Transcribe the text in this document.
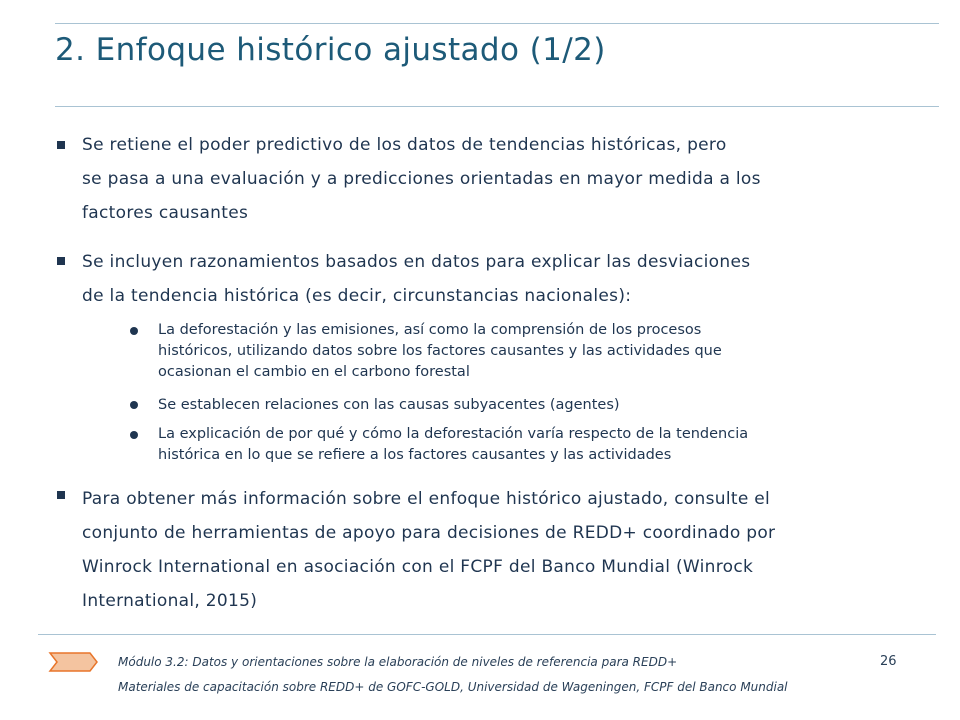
2. Enfoque histórico ajustado (1/2)

Se retiene el poder predictivo de los datos de tendencias históricas, pero

se pasa a una evaluación y a predicciones orientadas en mayor medida a los

factores causantes

Se incluyen razonamientos basados en datos para explicar las desviaciones

de la tendencia histórica (es decir, circunstancias nacionales):

La deforestación y las emisiones, así como la comprensión de los procesos

históricos, utilizando datos sobre los factores causantes y las actividades que

ocasionan el cambio en el carbono forestal

Se establecen relaciones con las causas subyacentes (agentes)

La explicación de por qué y cómo la deforestación varía respecto de la tendencia

histórica en lo que se refiere a los factores causantes y las actividades

Para obtener más información sobre el enfoque histórico ajustado, consulte el

conjunto de herramientas de apoyo para decisiones de REDD+ coordinado por

Winrock International en asociación con el FCPF del Banco Mundial (Winrock

International, 2015)

Módulo 3.2: Datos y orientaciones sobre la elaboración de niveles de referencia para REDD+	26
Materiales de capacitación sobre REDD+ de GOFC-GOLD, Universidad de Wageningen, FCPF del Banco Mundial
